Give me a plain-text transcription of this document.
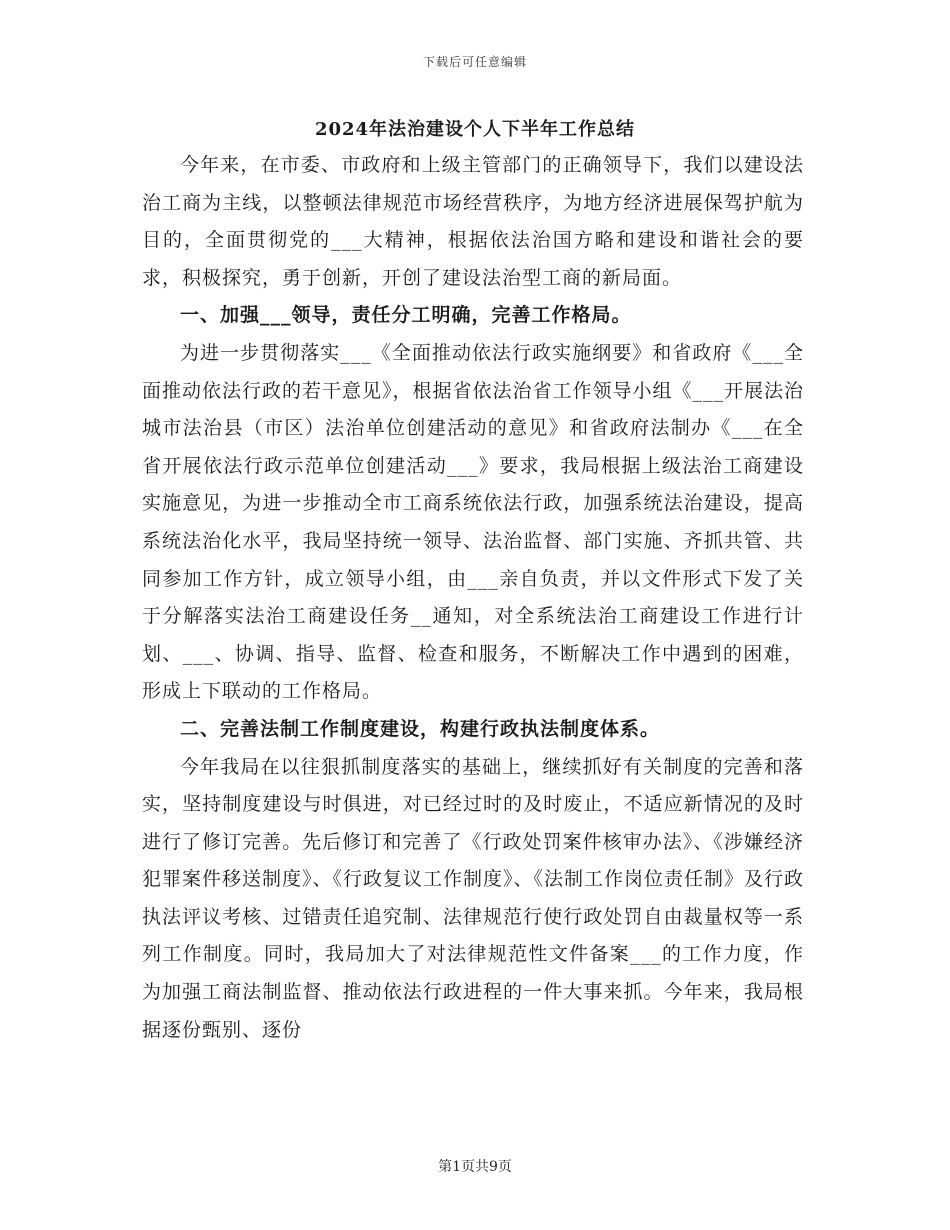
下载后可任意编辑
2024年法治建设个人下半年工作总结

今年来，在市委、市政府和上级主管部门的正确领导下，我们以建设法治工商为主线，以整顿法律规范市场经营秩序，为地方经济进展保驾护航为目的，全面贯彻党的___大精神，根据依法治国方略和建设和谐社会的要求，积极探究，勇于创新，开创了建设法治型工商的新局面。

一、加强___领导，责任分工明确，完善工作格局。

为进一步贯彻落实___《全面推动依法行政实施纲要》和省政府《___全面推动依法行政的若干意见》，根据省依法治省工作领导小组《___开展法治城市法治县（市区）法治单位创建活动的意见》和省政府法制办《___在全省开展依法行政示范单位创建活动___》要求，我局根据上级法治工商建设实施意见，为进一步推动全市工商系统依法行政，加强系统法治建设，提高系统法治化水平，我局坚持统一领导、法治监督、部门实施、齐抓共管、共同参加工作方针，成立领导小组，由___亲自负责，并以文件形式下发了关于分解落实法治工商建设任务__通知，对全系统法治工商建设工作进行计划、___、协调、指导、监督、检查和服务，不断解决工作中遇到的困难，形成上下联动的工作格局。

二、完善法制工作制度建设，构建行政执法制度体系。

今年我局在以往狠抓制度落实的基础上，继续抓好有关制度的完善和落实，坚持制度建设与时俱进，对已经过时的及时废止，不适应新情况的及时进行了修订完善。先后修订和完善了《行政处罚案件核审办法》、《涉嫌经济犯罪案件移送制度》、《行政复议工作制度》、《法制工作岗位责任制》及行政执法评议考核、过错责任追究制、法律规范行使行政处罚自由裁量权等一系列工作制度。同时，我局加大了对法律规范性文件备案___的工作力度，作为加强工商法制监督、推动依法行政进程的一件大事来抓。今年来，我局根据逐份甄别、逐份

第1页共9页
